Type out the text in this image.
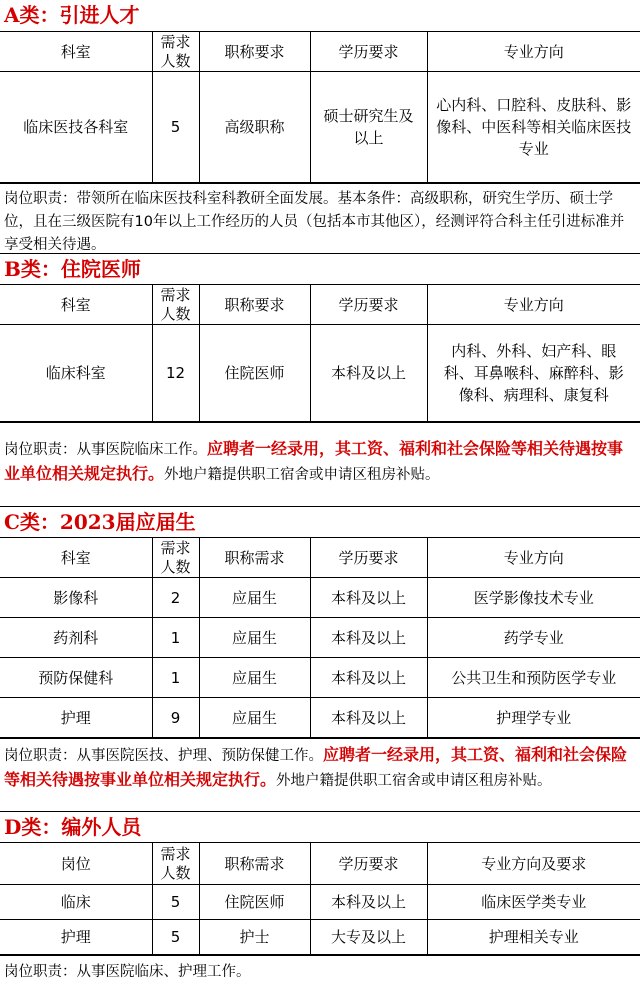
A类：引进人才
科室	需求人数	职称要求	学历要求	专业方向
临床医技各科室	5	高级职称	硕士研究生及以上	心内科、口腔科、皮肤科、影像科、中医科等相关临床医技专业
岗位职责：带领所在临床医技科室科教研全面发展。基本条件：高级职称，研究生学历、硕士学位，且在三级医院有10年以上工作经历的人员（包括本市其他区），经测评符合科主任引进标准并享受相关待遇。
B类：住院医师
科室	需求人数	职称要求	学历要求	专业方向
临床科室	12	住院医师	本科及以上	内科、外科、妇产科、眼科、耳鼻喉科、麻醉科、影像科、病理科、康复科
岗位职责：从事医院临床工作。应聘者一经录用，其工资、福利和社会保险等相关待遇按事业单位相关规定执行。外地户籍提供职工宿舍或申请区租房补贴。
C类：2023届应届生
科室	需求人数	职称需求	学历要求	专业方向
影像科	2	应届生	本科及以上	医学影像技术专业
药剂科	1	应届生	本科及以上	药学专业
预防保健科	1	应届生	本科及以上	公共卫生和预防医学专业
护理	9	应届生	本科及以上	护理学专业
岗位职责：从事医院医技、护理、预防保健工作。应聘者一经录用，其工资、福利和社会保险等相关待遇按事业单位相关规定执行。外地户籍提供职工宿舍或申请区租房补贴。
D类：编外人员
岗位	需求人数	职称需求	学历要求	专业方向及要求
临床	5	住院医师	本科及以上	临床医学类专业
护理	5	护士	大专及以上	护理相关专业
岗位职责：从事医院临床、护理工作。
